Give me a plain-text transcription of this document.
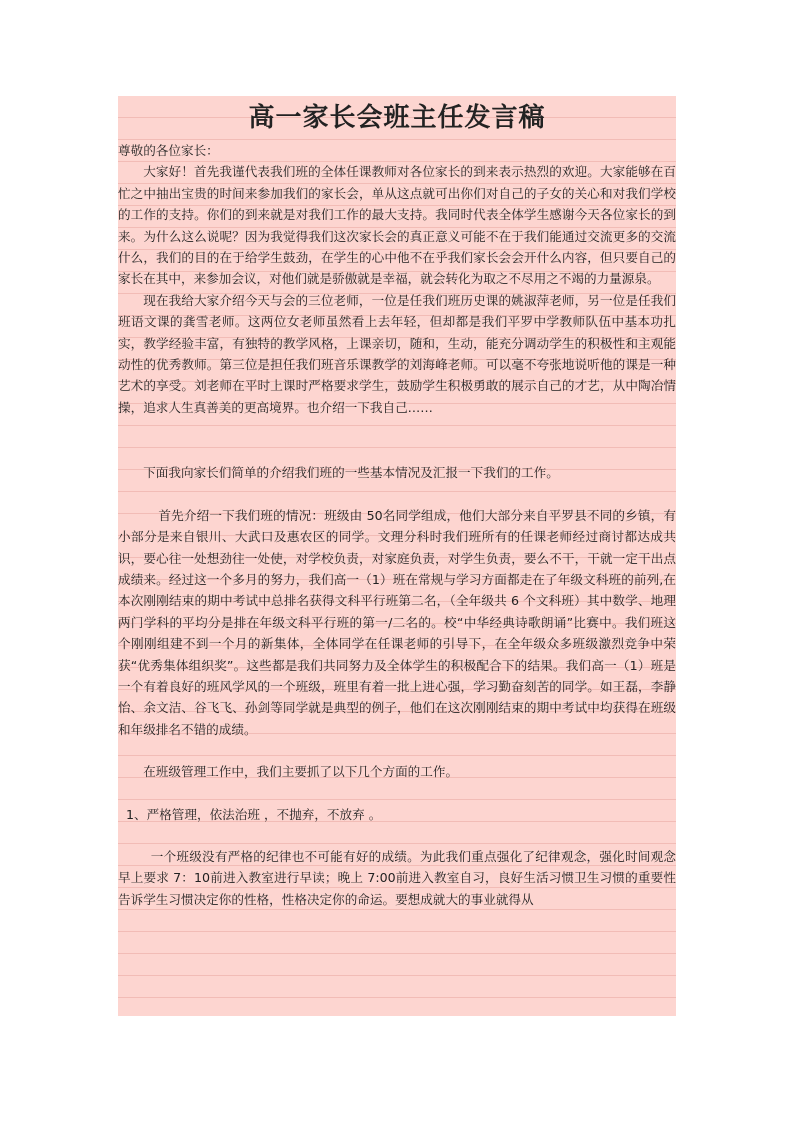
高一家长会班主任发言稿

尊敬的各位家长：

大家好！首先我谨代表我们班的全体任课教师对各位家长的到来表示热烈的欢迎。大家能够在百忙之中抽出宝贵的时间来参加我们的家长会，单从这点就可出你们对自己的子女的关心和对我们学校的工作的支持。你们的到来就是对我们工作的最大支持。我同时代表全体学生感谢今天各位家长的到来。为什么这么说呢？因为我觉得我们这次家长会的真正意义可能不在于我们能通过交流更多的交流什么，我们的目的在于给学生鼓劲，在学生的心中他不在乎我们家长会会开什么内容，但只要自己的家长在其中，来参加会议，对他们就是骄傲就是幸福，就会转化为取之不尽用之不竭的力量源泉。

现在我给大家介绍今天与会的三位老师，一位是任我们班历史课的姚淑萍老师，另一位是任我们班语文课的龚雪老师。这两位女老师虽然看上去年轻，但却都是我们平罗中学教师队伍中基本功扎实，教学经验丰富，有独特的教学风格，上课亲切，随和，生动，能充分调动学生的积极性和主观能动性的优秀教师。第三位是担任我们班音乐课教学的刘海峰老师。可以毫不夸张地说听他的课是一种艺术的享受。刘老师在平时上课时严格要求学生，鼓励学生积极勇敢的展示自己的才艺，从中陶冶情操，追求人生真善美的更高境界。也介绍一下我自己……

下面我向家长们简单的介绍我们班的一些基本情况及汇报一下我们的工作。

首先介绍一下我们班的情况：班级由 50名同学组成，他们大部分来自平罗县不同的乡镇，有小部分是来自银川、大武口及惠农区的同学。文理分科时我们班所有的任课老师经过商讨都达成共识，要心往一处想劲往一处使，对学校负责，对家庭负责，对学生负责，要么不干，干就一定干出点成绩来。经过这一个多月的努力，我们高一（1）班在常规与学习方面都走在了年级文科班的前列,在本次刚刚结束的期中考试中总排名获得文科平行班第二名，（全年级共 6 个文科班）其中数学、地理两门学科的平均分是排在年级文科平行班的第一/二名的。校“中华经典诗歌朗诵”比赛中。我们班这个刚刚组建不到一个月的新集体，全体同学在任课老师的引导下，在全年级众多班级激烈竞争中荣获“优秀集体组织奖”。这些都是我们共同努力及全体学生的积极配合下的结果。我们高一（1）班是一个有着良好的班风学风的一个班级，班里有着一批上进心强，学习勤奋刻苦的同学。如王磊，李静怡、余文洁、谷飞飞、孙剑等同学就是典型的例子，他们在这次刚刚结束的期中考试中均获得在班级和年级排名不错的成绩。

在班级管理工作中，我们主要抓了以下几个方面的工作。

1、严格管理，依法治班 ，不抛弃，不放弃 。

一个班级没有严格的纪律也不可能有好的成绩。为此我们重点强化了纪律观念，强化时间观念早上要求 7：10前进入教室进行早读；晚上 7:00前进入教室自习，良好生活习惯卫生习惯的重要性告诉学生习惯决定你的性格，性格决定你的命运。要想成就大的事业就得从
